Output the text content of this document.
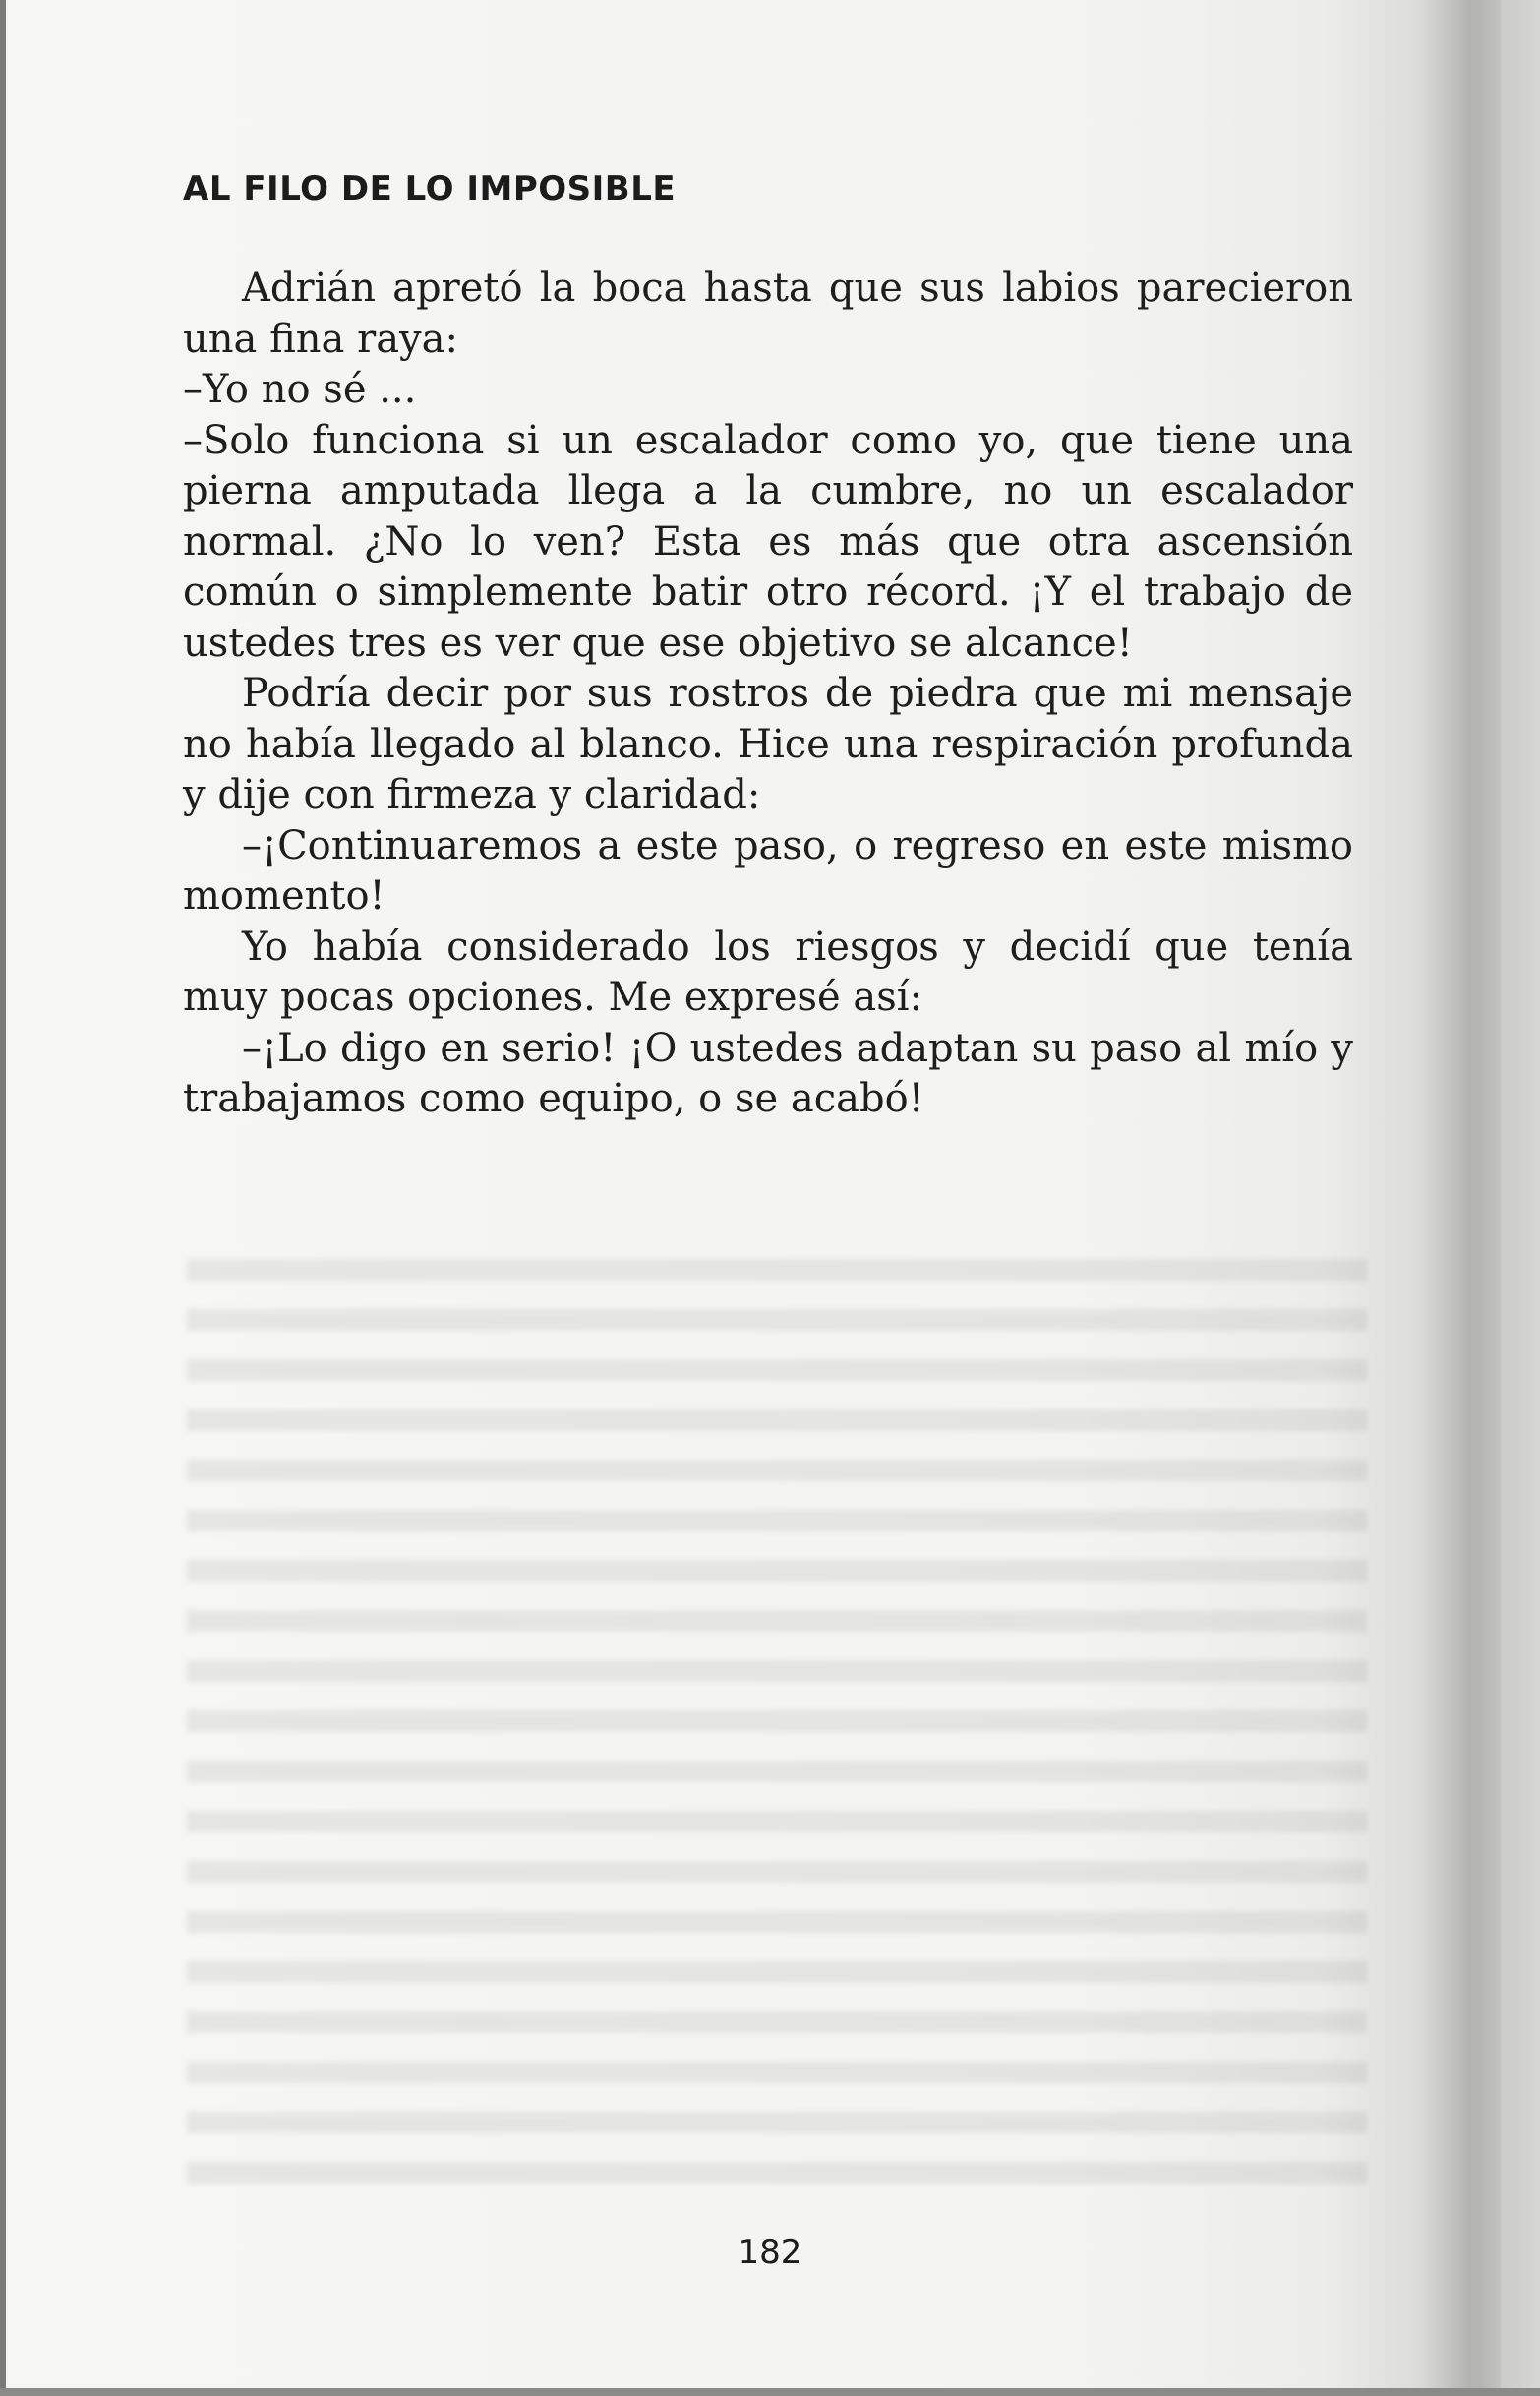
AL FILO DE LO IMPOSIBLE

Adrián apretó la boca hasta que sus labios parecieron una fina raya:

–Yo no sé ...

–Solo funciona si un escalador como yo, que tiene una pierna amputada llega a la cumbre, no un escalador normal. ¿No lo ven? Esta es más que otra ascensión común o simplemente batir otro récord. ¡Y el trabajo de ustedes tres es ver que ese objetivo se alcance!

Podría decir por sus rostros de piedra que mi mensaje no había llegado al blanco. Hice una respiración profunda y dije con firmeza y claridad:

–¡Continuaremos a este paso, o regreso en este mismo momento!

Yo había considerado los riesgos y decidí que tenía muy pocas opciones. Me expresé así:

–¡Lo digo en serio! ¡O ustedes adaptan su paso al mío y trabajamos como equipo, o se acabó!

182
